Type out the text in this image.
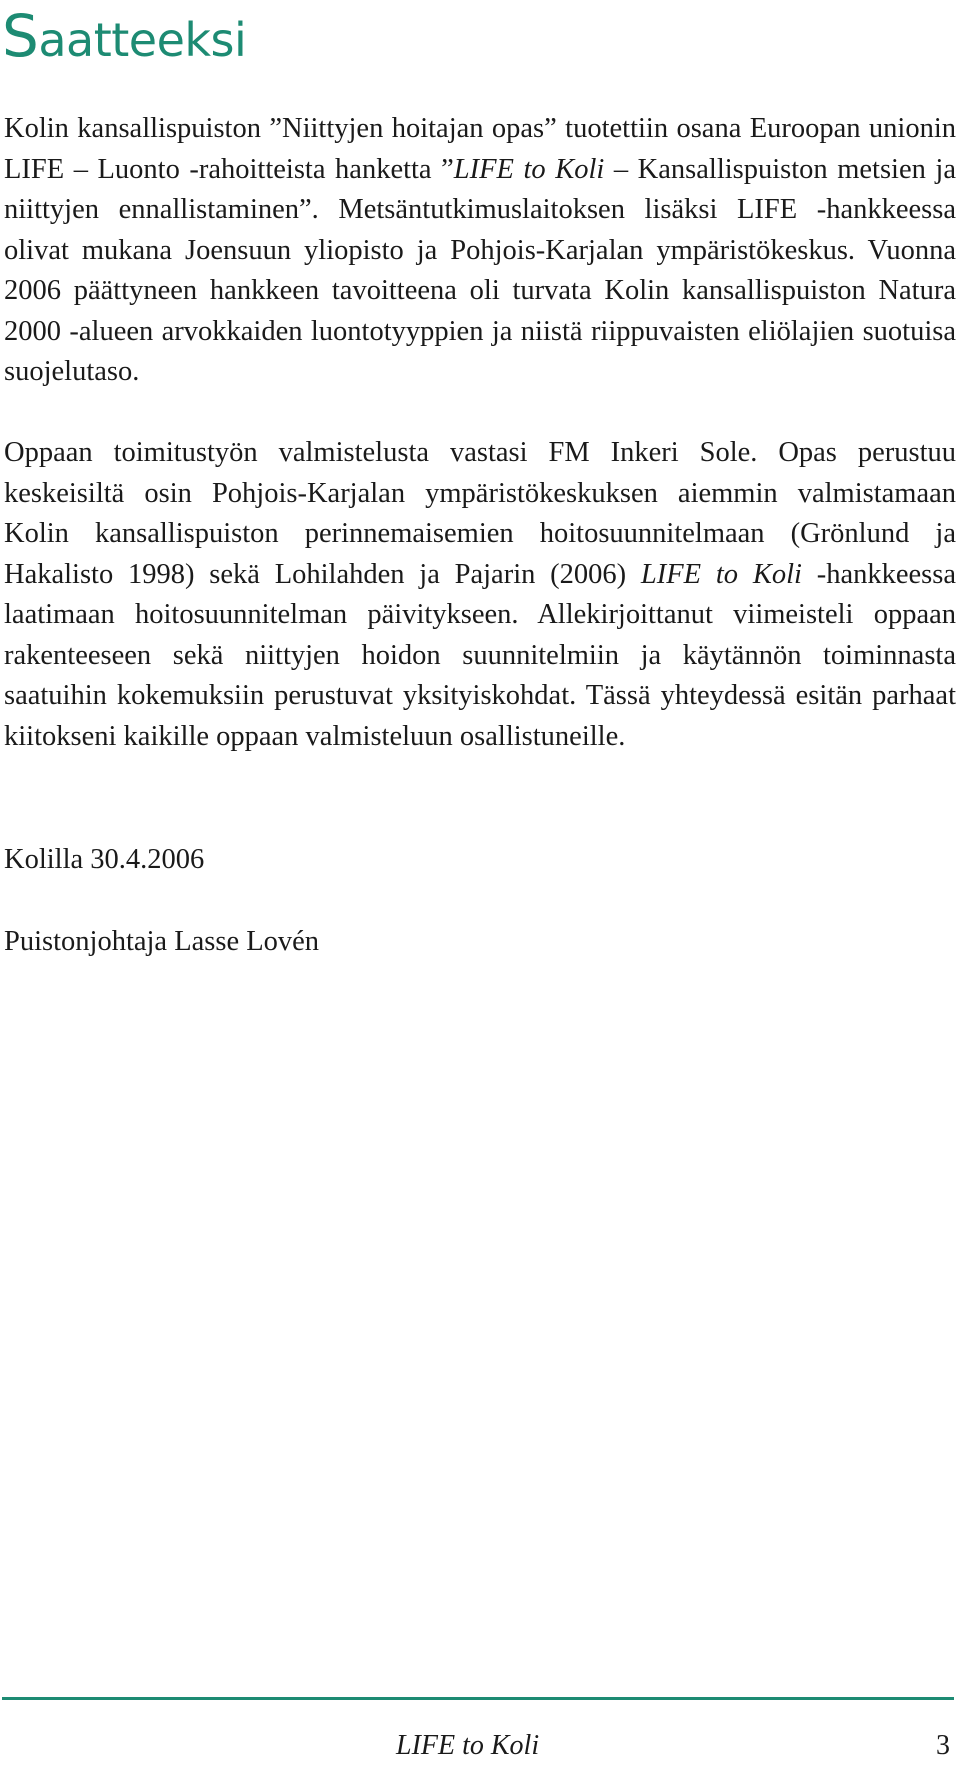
Saatteeksi

Kolin kansallispuiston ”Niittyjen hoitajan opas” tuotettiin osana Euroopan unionin LIFE – Luonto -rahoitteista hanketta ”LIFE to Koli – Kansallispuiston metsien ja niittyjen ennallistaminen”. Metsäntutkimuslaitoksen lisäksi LIFE -hankkeessa olivat mukana Joensuun yliopisto ja Pohjois-Karjalan ympäristökeskus. Vuonna 2006 päättyneen hankkeen tavoitteena oli turvata Kolin kansallispuiston Natura 2000 -alueen arvokkaiden luontotyyppien ja niistä riippuvaisten eliölajien suotuisa suojelutaso.

Oppaan toimitustyön valmistelusta vastasi FM Inkeri Sole. Opas perustuu keskeisiltä osin Pohjois-Karjalan ympäristökeskuksen aiemmin valmistamaan Kolin kansallispuiston perinnemaisemien hoitosuunnitelmaan (Grönlund ja Hakalisto 1998) sekä Lohilahden ja Pajarin (2006) LIFE to Koli -hankkeessa laatimaan hoitosuunnitelman päivitykseen. Allekirjoittanut viimeisteli oppaan rakenteeseen sekä niittyjen hoidon suunnitelmiin ja käytännön toiminnasta saatuihin kokemuksiin perustuvat yksityiskohdat. Tässä yhteydessä esitän parhaat kiitokseni kaikille oppaan valmisteluun osallistuneille.

Kolilla 30.4.2006

Puistonjohtaja Lasse Lovén

LIFE to Koli	3
